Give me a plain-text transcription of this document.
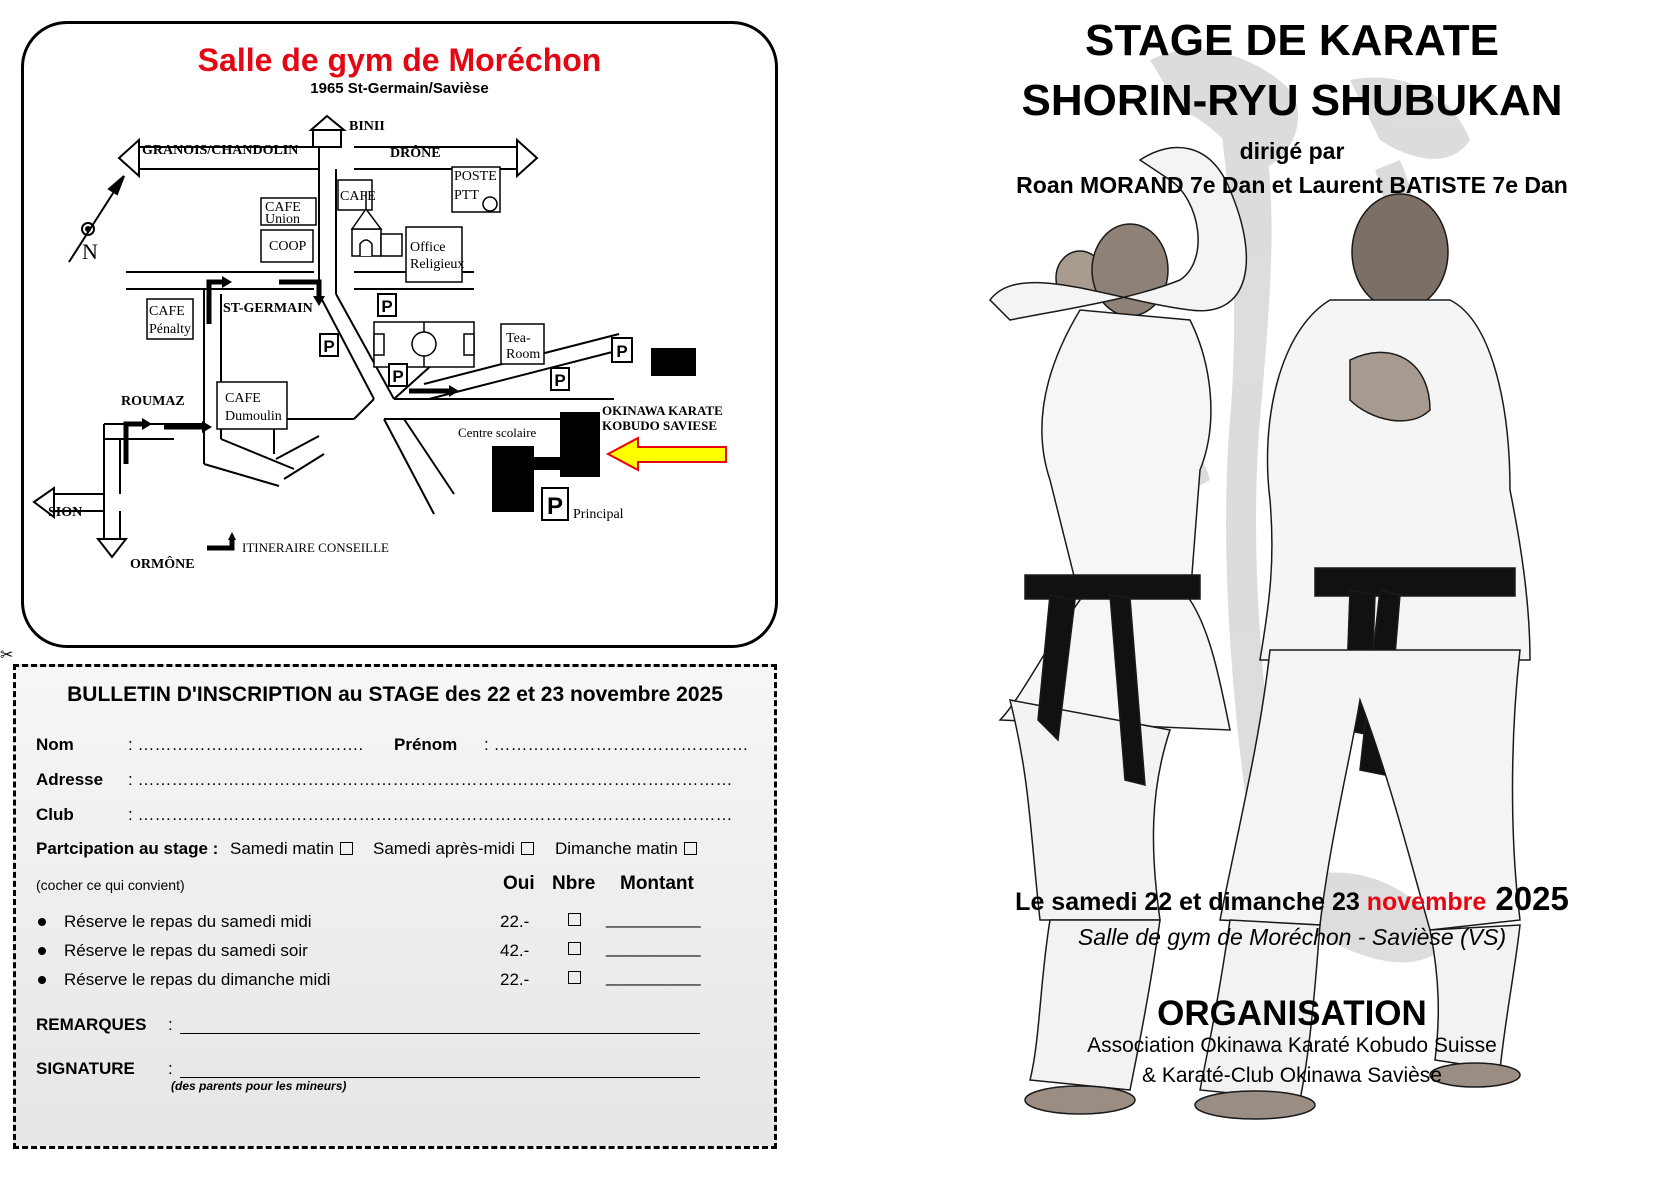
P
P
P	P
P
P
BINII
GRANOIS/CHANDOLIN	DRÔNE
POSTE
PTT
CAFE
CAFE
Union
COOP	Office
Religieux
N
CAFE
Pénalty
ST-GERMAIN
Tea-
Room
ROUMAZ	CAFE
Dumoulin	OKINAWA KARATE
KOBUDO SAVIESE
Centre scolaire
SION	Principal
ORMÔNE
ITINERAIRE CONSEILLE
Salle de gym de Moréchon
1965 St-Germain/Savièse
✂
BULLETIN D'INSCRIPTION au STAGE des 22 et 23 novembre 2025
Nom	: …………………………………. Prénom : ………………………………………
Adresse : ……………………………………………………………………………………………
Club	: ……………………………………………………………………………………………
Partcipation au stage : Samedi matin	Samedi après-midi	Dimanche matin
(cocher ce qui convient)	Oui Nbre Montant
Réserve le repas du samedi midi	22.-	__________
Réserve le repas du samedi soir	42.-	__________
Réserve le repas du dimanche midi	22.-	__________
REMARQUES :
SIGNATURE :
(des parents pour les mineurs)
STAGE DE KARATE
SHORIN-RYU SHUBUKAN
dirigé par
Roan MORAND 7e Dan et Laurent BATISTE 7e Dan
Le samedi 22 et dimanche 23 novembre 2025
Salle de gym de Moréchon - Savièse (VS)
ORGANISATION
Association Okinawa Karaté Kobudo Suisse
& Karaté-Club Okinawa Savièse
